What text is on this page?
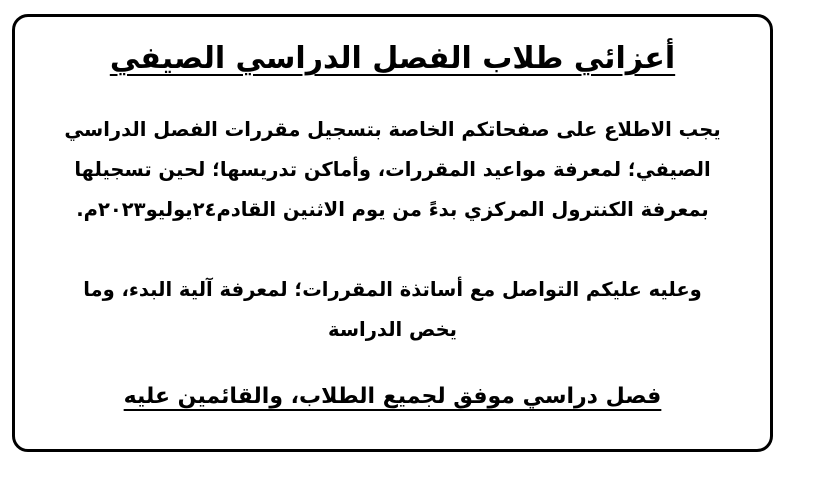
أعزائي طلاب الفصل الدراسي الصيفي
يجب الاطلاع على صفحاتكم الخاصة بتسجيل مقررات الفصل الدراسي
الصيفي؛ لمعرفة مواعيد المقررات، وأماكن تدريسها؛ لحين تسجيلها
بمعرفة الكنترول المركزي بدءً من يوم الاثنين القادم٢٤يوليو٢٠٢٣م.
وعليه عليكم التواصل مع أساتذة المقررات؛ لمعرفة آلية البدء، وما
يخص الدراسة
فصل دراسي موفق لجميع الطلاب، والقائمين عليه
